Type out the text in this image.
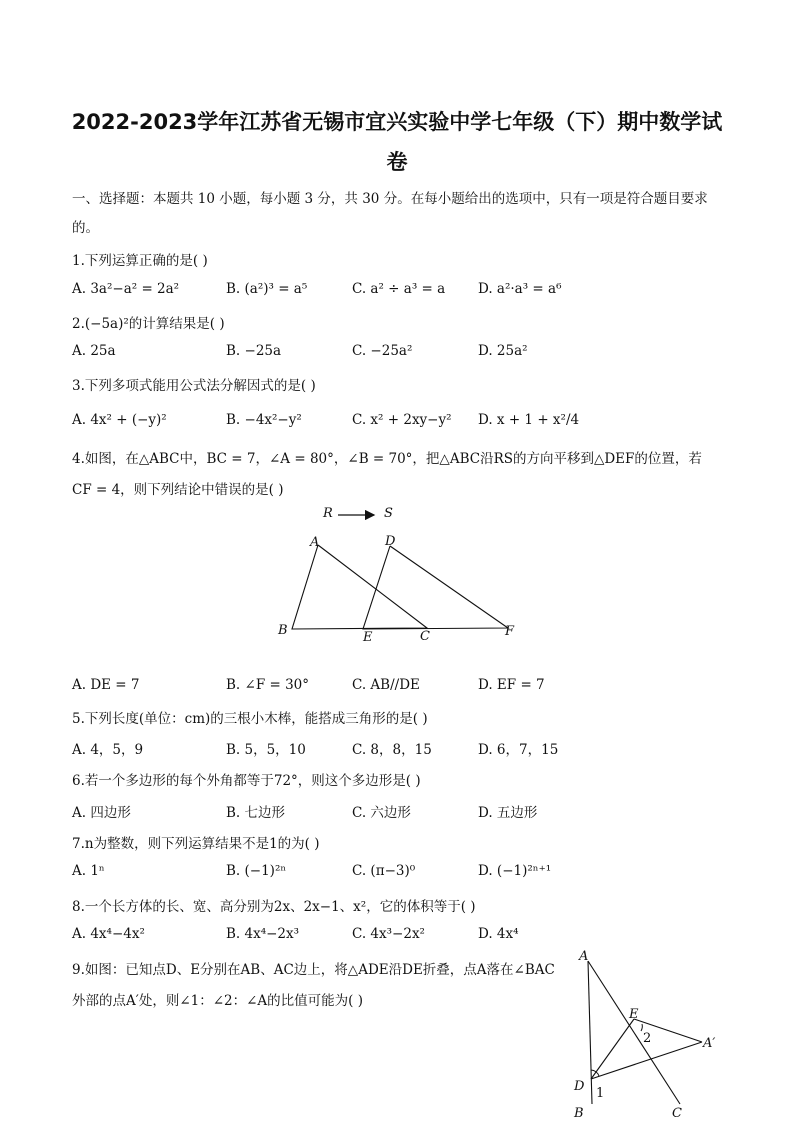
2022-2023学年江苏省无锡市宜兴实验中学七年级（下）期中数学试
卷
一、选择题：本题共 10 小题，每小题 3 分，共 30 分。在每小题给出的选项中，只有一项是符合题目要求
的。
1.下列运算正确的是( )
A. 3a²−a² = 2a²	B. (a²)³ = a⁵	C. a² ÷ a³ = a D. a²·a³ = a⁶
2.(−5a)²的计算结果是( )
A. 25a	B. −25a	C. −25a²	D. 25a²
3.下列多项式能用公式法分解因式的是( )
A. 4x² + (−y)²	B. −4x²−y²	C. x² + 2xy−y² D. x + 1 + x²/4
4.如图，在△ABC中，BC = 7，∠A = 80°，∠B = 70°，把△ABC沿RS的方向平移到△DEF的位置，若
CF = 4，则下列结论中错误的是( )
R	S
A
B	C
D
E	F
A. DE = 7	B. ∠F = 30°	C. AB//DE	D. EF = 7
5.下列长度(单位：cm)的三根小木棒，能搭成三角形的是( )
A. 4，5，9	B. 5，5，10	C. 8，8，15	D. 6，7，15
6.若一个多边形的每个外角都等于72°，则这个多边形是( )
A. 四边形	B. 七边形	C. 六边形	D. 五边形
7.n为整数，则下列运算结果不是1的为( )
A. 1ⁿ	B. (−1)²ⁿ	C. (π−3)⁰	D. (−1)²ⁿ⁺¹
8.一个长方体的长、宽、高分别为2x、2x−1、x²，它的体积等于( )
A. 4x⁴−4x²	B. 4x⁴−2x³	C. 4x³−2x²	D. 4x⁴
9.如图：已知点D、E分别在AB、AC边上，将△ADE沿DE折叠，点A落在∠BAC
外部的点A′处，则∠1：∠2：∠A的比值可能为( )
A
A′
E
D
B	C
1
2
